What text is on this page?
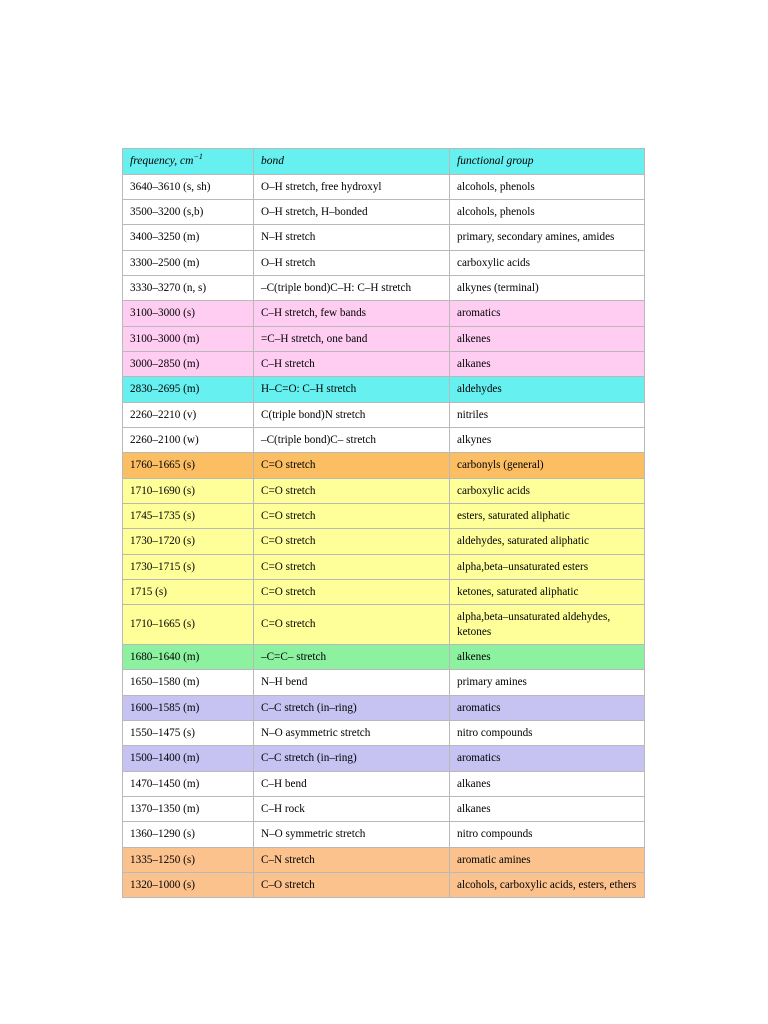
frequency, $cm^{-1}$	bond	functional group
3640–3610 (s, sh)	O–H stretch, free hydroxyl	alcohols, phenols
3500–3200 (s,b)	O–H stretch, H–bonded	alcohols, phenols
3400–3250 (m)	N–H stretch	primary, secondary amines, amides
3300–2500 (m)	O–H stretch	carboxylic acids
3330–3270 (n, s)	–C(triple bond)C–H: C–H stretch	alkynes (terminal)
3100–3000 (s)	C–H stretch, few bands	aromatics
3100–3000 (m)	=C–H stretch, one band	alkenes
3000–2850 (m)	C–H stretch	alkanes
2830–2695 (m)	H–C=O: C–H stretch	aldehydes
2260–2210 (v)	C(triple bond)N stretch	nitriles
2260–2100 (w)	–C(triple bond)C– stretch	alkynes
1760–1665 (s)	C=O stretch	carbonyls (general)
1710–1690 (s)	C=O stretch	carboxylic acids
1745–1735 (s)	C=O stretch	esters, saturated aliphatic
1730–1720 (s)	C=O stretch	aldehydes, saturated aliphatic
1730–1715 (s)	C=O stretch	alpha,beta–unsaturated esters
1715 (s)	C=O stretch	ketones, saturated aliphatic
1710–1665 (s)	C=O stretch	alpha,beta–unsaturated aldehydes, ketones
1680–1640 (m)	–C=C– stretch	alkenes
1650–1580 (m)	N–H bend	primary amines
1600–1585 (m)	C–C stretch (in–ring)	aromatics
1550–1475 (s)	N–O asymmetric stretch	nitro compounds
1500–1400 (m)	C–C stretch (in–ring)	aromatics
1470–1450 (m)	C–H bend	alkanes
1370–1350 (m)	C–H rock	alkanes
1360–1290 (s)	N–O symmetric stretch	nitro compounds
1335–1250 (s)	C–N stretch	aromatic amines
1320–1000 (s)	C–O stretch	alcohols, carboxylic acids, esters, ethers
